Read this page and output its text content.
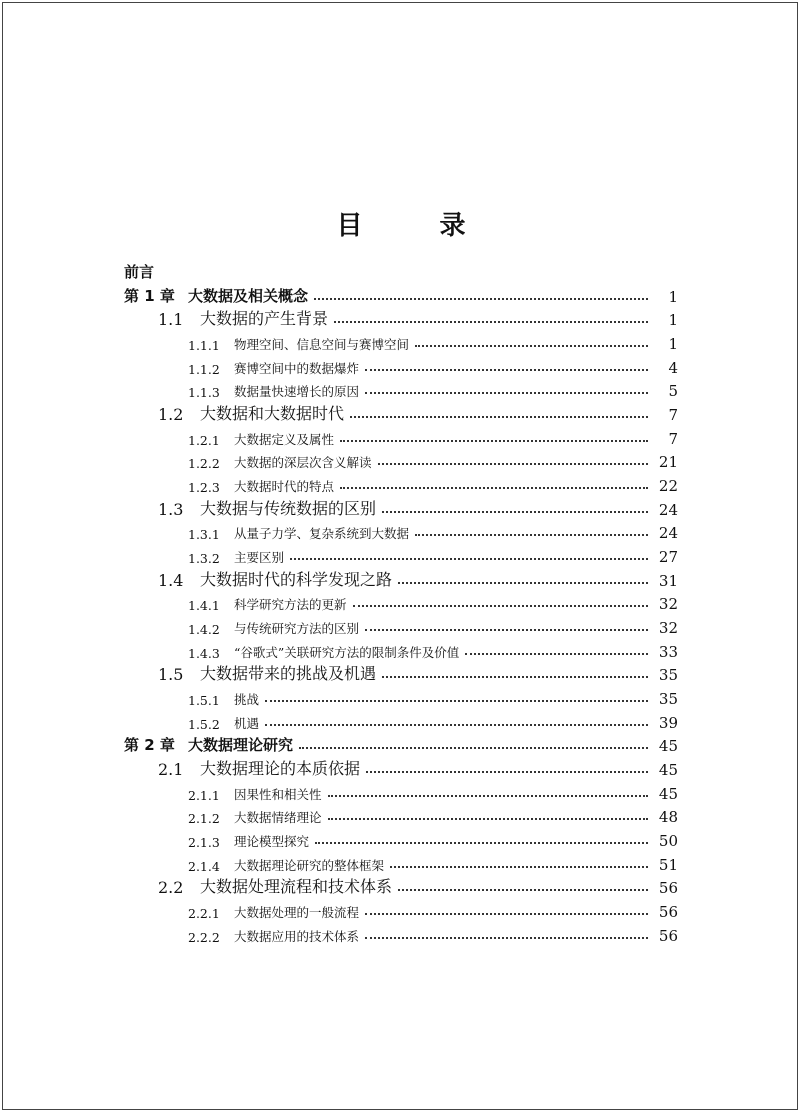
目 录
前言
第 1 章 大数据及相关概念	1
1.1	大数据的产生背景	1
1.1.1	物理空间、信息空间与赛博空间	1
1.1.2	赛博空间中的数据爆炸	4
1.1.3	数据量快速增长的原因	5
1.2	大数据和大数据时代	7
1.2.1	大数据定义及属性	7
1.2.2	大数据的深层次含义解读	21
1.2.3	大数据时代的特点	22
1.3	大数据与传统数据的区别	24
1.3.1	从量子力学、复杂系统到大数据	24
1.3.2	主要区别	27
1.4	大数据时代的科学发现之路	31
1.4.1	科学研究方法的更新	32
1.4.2	与传统研究方法的区别	32
1.4.3	“谷歌式”关联研究方法的限制条件及价值	33
1.5	大数据带来的挑战及机遇	35
1.5.1	挑战	35
1.5.2	机遇	39
第 2 章 大数据理论研究	45
2.1	大数据理论的本质依据	45
2.1.1	因果性和相关性	45
2.1.2	大数据情绪理论	48
2.1.3	理论模型探究	50
2.1.4	大数据理论研究的整体框架	51
2.2	大数据处理流程和技术体系	56
2.2.1	大数据处理的一般流程	56
2.2.2	大数据应用的技术体系	56
